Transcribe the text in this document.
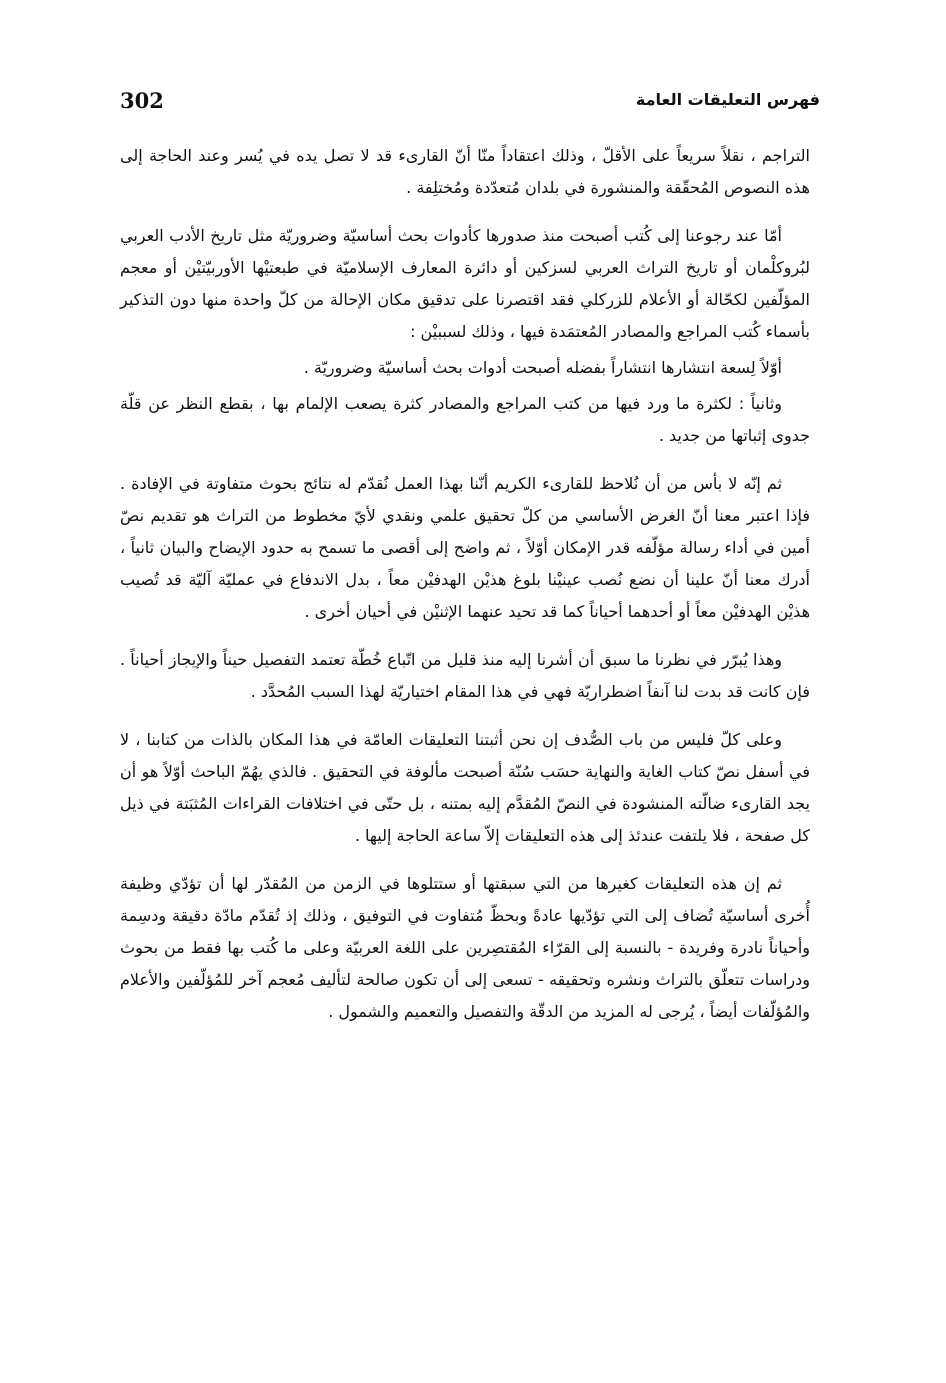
302	فهرس التعليقات العامة

التراجم ، نقلاً سريعاً على الأقلّ ، وذلك اعتقاداً منّا أنّ القارىء قد لا تصل يده في يُسر وعند الحاجة إلى هذه النصوص المُحقّقة والمنشورة في بلدان مُتعدّدة ومُختلِفة .

أمّا عند رجوعنا إلى كُتب أصبحت منذ صدورها كأدوات بحث أساسيّة وضروريّة مثل تاريخ الأدب العربي لبُروكلْمان أو تاريخ التراث العربي لسزكين أو دائرة المعارف الإسلاميّة في طبعتيْها الأوربيّتيْن أو معجم المؤلّفين لكحّالة أو الأعلام للزركلي فقد اقتصرنا على تدقيق مكان الإحالة من كلّ واحدة منها دون التذكير بأسماء كُتب المراجع والمصادر المُعتمَدة فيها ، وذلك لسببيْن :

أوّلاً لِسعة انتشارها انتشاراً بفضله أصبحت أدوات بحث أساسيّة وضروريّة .

وثانياً : لكثرة ما ورد فيها من كتب المراجع والمصادر كثرة يصعب الإلمام بها ، بقطع النظر عن قلّة جدوى إثباتها من جديد .

ثم إنّه لا بأس من أن نُلاحظ للقارىء الكريم أنّنا بهذا العمل نُقدّم له نتائج بحوث متفاوتة في الإفادة . فإذا اعتبر معنا أنّ الغرض الأساسي من كلّ تحقيق علمي ونقدي لأيّ مخطوط من التراث هو تقديم نصّ أمين في أداء رسالة مؤلّفه قدر الإمكان أوّلاً ، ثم واضح إلى أقصى ما تسمح به حدود الإيضاح والبيان ثانياً ، أدرك معنا أنّ علينا أن نضع نُصب عينيْنا بلوغ هذيْن الهدفيْن معاً ، بدل الاندفاع في عمليّة آليّة قد تُصيب هذيْن الهدفيْن معاً أو أحدهما أحياناً كما قد تحيد عنهما الإثنيْن في أحيان أخرى .

وهذا يُبرّر في نظرنا ما سبق أن أشرنا إليه منذ قليل من اتّباع خُطّة تعتمد التفصيل حيناً والإيجاز أحياناً . فإن كانت قد بدت لنا آنفاً اضطراريّة فهي في هذا المقام اختياريّة لهذا السبب المُحدَّد .

وعلى كلّ فليس من باب الصُّدف إن نحن أثبتنا التعليقات العامّة في هذا المكان بالذات من كتابنا ، لا في أسفل نصّ كتاب الغاية والنهاية حسَب سُنّة أصبحت مألوفة في التحقيق . فالذي يهُمّ الباحث أوّلاً هو أن يجد القارىء ضالّته المنشودة في النصّ المُقدَّم إليه بمتنه ، بل حتّى في اختلافات القراءات المُثبَتة في ذيل كل صفحة ، فلا يلتفت عندئذ إلى هذه التعليقات إلاّ ساعة الحاجة إليها .

ثم إن هذه التعليقات كغيرها من التي سبقتها أو ستتلوها في الزمن من المُقدّر لها أن تؤدّي وظيفة أُخرى أساسيّة تُضاف إلى التي تؤدّيها عادةً وبحظّ مُتفاوت في التوفيق ، وذلك إذ تُقدّم مادّة دقيقة ودسِمة وأحياناً نادرة وفريدة - بالنسبة إلى القرّاء المُقتصِرين على اللغة العربيّة وعلى ما كُتب بها فقط من بحوث ودراسات تتعلّق بالتراث ونشره وتحقيقه - تسعى إلى أن تكون صالحة لتأليف مُعجم آخر للمُؤلّفين والأعلام والمُؤلّفات أيضاً ، يُرجى له المزيد من الدقّة والتفصيل والتعميم والشمول .
